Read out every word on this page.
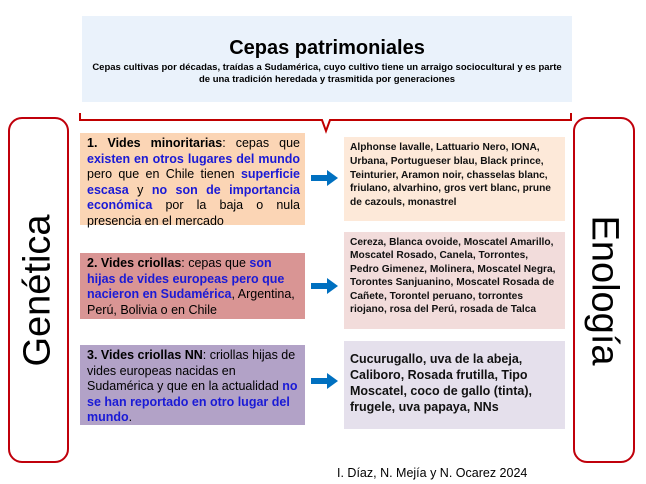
Cepas patrimoniales
Cepas cultivas por décadas, traídas a Sudamérica, cuyo cultivo tiene un arraigo sociocultural y es parte de una tradición heredada y trasmitida por generaciones
Genética	Enología
1. Vides minoritarias: cepas que existen en otros lugares del mundo pero que en Chile tienen superficie escasa y no son de importancia económica por la baja o nula presencia en el mercado
2. Vides criollas: cepas que son hijas de vides europeas pero que nacieron en Sudamérica, Argentina, Perú, Bolivia o en Chile
3. Vides criollas NN: criollas hijas de vides europeas nacidas en Sudamérica y que en la actualidad no se han reportado en otro lugar del mundo.
Alphonse lavalle, Lattuario Nero, IONA, Urbana, Portugueser blau, Black prince, Teinturier, Aramon noir, chasselas blanc, friulano, alvarhino, gros vert blanc, prune de cazouls, monastrel
Cereza, Blanca ovoide, Moscatel Amarillo, Moscatel Rosado, Canela, Torrontes, Pedro Gimenez, Molinera, Moscatel Negra, Torontes Sanjuanino, Moscatel Rosada de Cañete, Torontel peruano, torrontes riojano, rosa del Perú, rosada de Talca
Cucurugallo, uva de la abeja, Caliboro, Rosada frutilla, Tipo Moscatel, coco de gallo (tinta), frugele, uva papaya, NNs
I. Díaz, N. Mejía y N. Ocarez 2024
